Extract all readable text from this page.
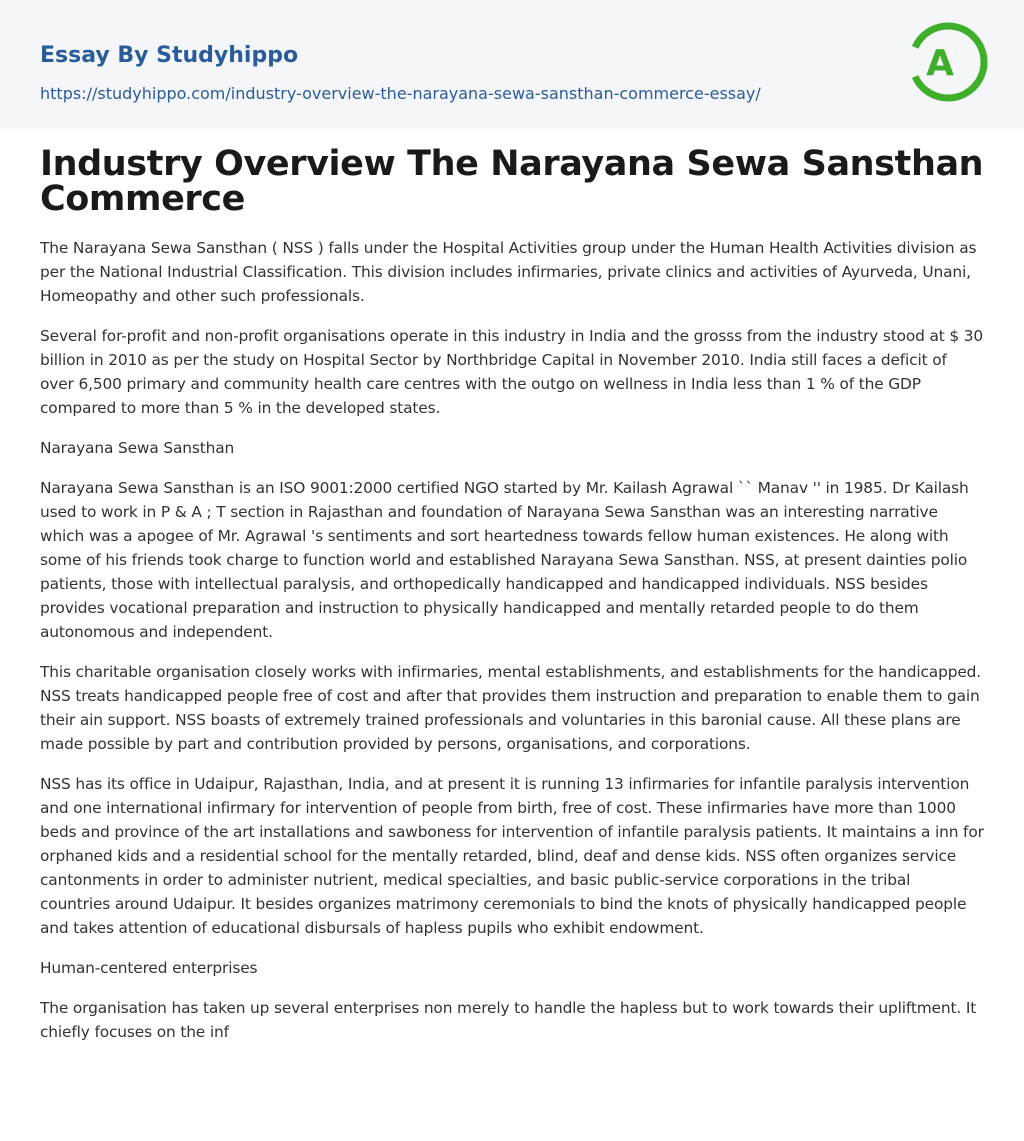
Essay By Studyhippo
https://studyhippo.com/industry-overview-the-narayana-sewa-sansthan-commerce-essay/
A
Industry Overview The Narayana Sewa Sansthan Commerce

The Narayana Sewa Sansthan ( NSS ) falls under the Hospital Activities group under the Human Health Activities division as per the National Industrial Classification. This division includes infirmaries, private clinics and activities of Ayurveda, Unani, Homeopathy and other such professionals.

Several for-profit and non-profit organisations operate in this industry in India and the grosss from the industry stood at $ 30 billion in 2010 as per the study on Hospital Sector by Northbridge Capital in November 2010. India still faces a deficit of over 6,500 primary and community health care centres with the outgo on wellness in India less than 1 % of the GDP compared to more than 5 % in the developed states.

Narayana Sewa Sansthan

Narayana Sewa Sansthan is an ISO 9001:2000 certified NGO started by Mr. Kailash Agrawal `` Manav '' in 1985. Dr Kailash used to work in P & A ; T section in Rajasthan and foundation of Narayana Sewa Sansthan was an interesting narrative which was a apogee of Mr. Agrawal 's sentiments and sort heartedness towards fellow human existences. He along with some of his friends took charge to function world and established Narayana Sewa Sansthan. NSS, at present dainties polio patients, those with intellectual paralysis, and orthopedically handicapped and handicapped individuals. NSS besides provides vocational preparation and instruction to physically handicapped and mentally retarded people to do them autonomous and independent.

This charitable organisation closely works with infirmaries, mental establishments, and establishments for the handicapped. NSS treats handicapped people free of cost and after that provides them instruction and preparation to enable them to gain their ain support. NSS boasts of extremely trained professionals and voluntaries in this baronial cause. All these plans are made possible by part and contribution provided by persons, organisations, and corporations.

NSS has its office in Udaipur, Rajasthan, India, and at present it is running 13 infirmaries for infantile paralysis intervention and one international infirmary for intervention of people from birth, free of cost. These infirmaries have more than 1000 beds and province of the art installations and sawboness for intervention of infantile paralysis patients. It maintains a inn for orphaned kids and a residential school for the mentally retarded, blind, deaf and dense kids. NSS often organizes service cantonments in order to administer nutrient, medical specialties, and basic public-service corporations in the tribal countries around Udaipur. It besides organizes matrimony ceremonials to bind the knots of physically handicapped people and takes attention of educational disbursals of hapless pupils who exhibit endowment.

Human-centered enterprises

The organisation has taken up several enterprises non merely to handle the hapless but to work towards their upliftment. It chiefly focuses on the inf
